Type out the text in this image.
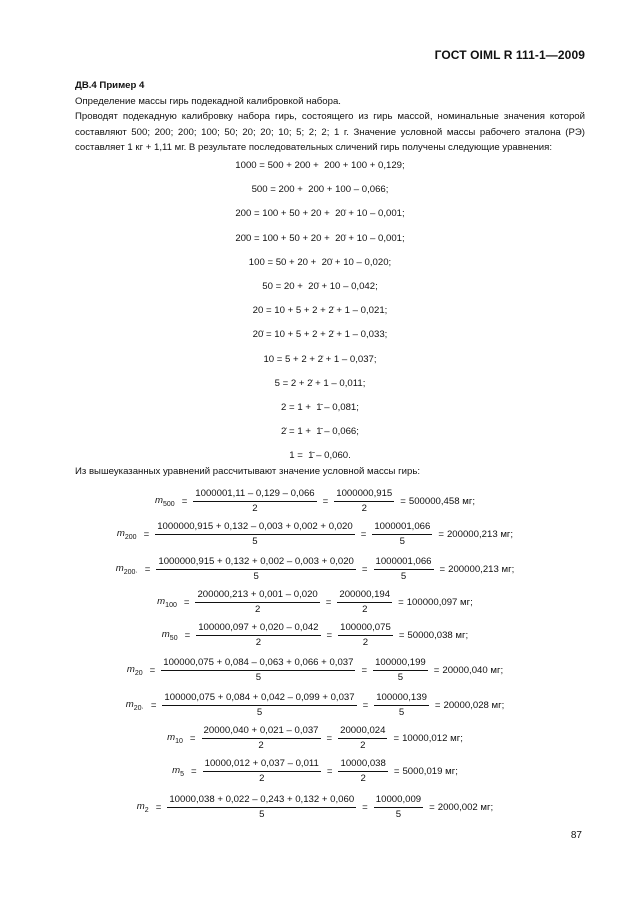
ГОСТ OIML R 111-1—2009

ДВ.4 Пример 4

Определение массы гирь подекадной калибровкой набора.

Проводят подекадную калибровку набора гирь, состоящего из гирь массой, номинальные значения которой составляют 500; 200; 200; 100; 50; 20; 20; 10; 5; 2; 2; 1 г. Значение условной массы рабочего эталона (РЭ) составляет 1 кг + 1,11 мг. В результате последовательных сличений гирь получены следующие уравнения:

1000 = 500 + 200 +  200 + 100 + 0,129;
500 = 200 +  200 + 100 – 0,066;
200 = 100 + 50 + 20 +  20̇ + 10 – 0,001;
20̇0 = 100 + 50 + 20 +  20̇ + 10 – 0,001;
100 = 50 + 20 +  20̇ + 10 – 0,020;
50 = 20 +  20̇ + 10 – 0,042;
20 = 10 + 5 + 2 + 2̇ + 1 – 0,021;
20̇ = 10 + 5 + 2 + 2̇ + 1 – 0,033;
10 = 5 + 2 + 2̇ + 1 – 0,037;
5 = 2 + 2̇ + 1 – 0,011;
2 = 1 +  1̄ – 0,081;
2̇ = 1 +  1̄ – 0,066;
1 =  1̄ – 0,060.
Из вышеуказанных уравнений рассчитывают значение условной массы гирь:
$m_{500} = \frac{1000001,11 - 0,129 - 0,066}{2} = \frac{1000000,915}{2} = 500000,458$ мг;
$m_{200} = \frac{1000000,915 + 0,132 - 0,003 + 0,002 + 0,020}{5} = \frac{1000001,066}{5} = 200000,213$ мг;
$m_{200\cdot} = \frac{1000000,915 + 0,132 + 0,002 - 0,003 + 0,020}{5} = \frac{1000001,066}{5} = 200000,213$ мг;
$m_{100} = \frac{200000,213 + 0,001 - 0,020}{2} = \frac{200000,194}{2} = 100000,097$ мг;
$m_{50} = \frac{100000,097 + 0,020 - 0,042}{2} = \frac{100000,075}{2} = 50000,038$ мг;
$m_{20} = \frac{100000,075 + 0,084 - 0,063 + 0,066 + 0,037}{5} = \frac{100000,199}{5} = 20000,040$ мг;
$m_{20\cdot} = \frac{100000,075 + 0,084 + 0,042 - 0,099 + 0,037}{5} = \frac{100000,139}{5} = 20000,028$ мг;
$m_{10} = \frac{20000,040 + 0,021 - 0,037}{2} = \frac{20000,024}{2} = 10000,012$ мг;
$m_5 = \frac{10000,012 + 0,037 - 0,011}{2} = \frac{10000,038}{2} = 5000,019$ мг;
$m_2 = \frac{10000,038 + 0,022 - 0,243 + 0,132 + 0,060}{5} = \frac{10000,009}{5} = 2000,002$ мг;
87
